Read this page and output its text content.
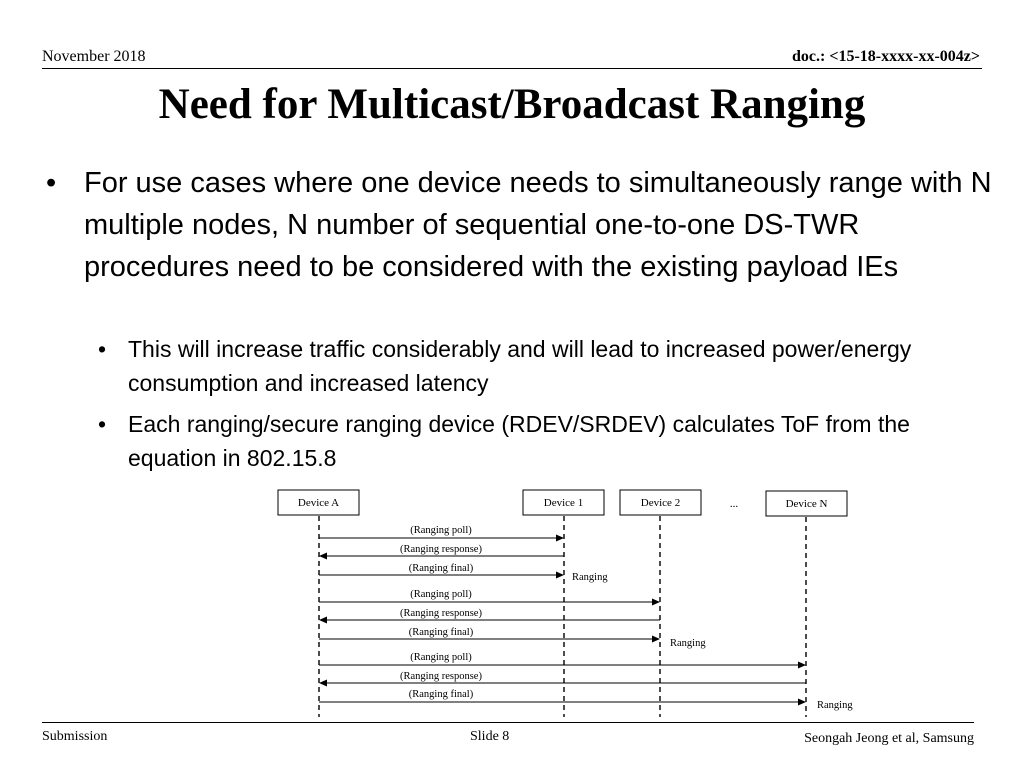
November 2018	doc.: <15-18-xxxx-xx-004z>
Need for Multicast/Broadcast Ranging
• For use cases where one device needs to simultaneously range with N multiple nodes, N number of sequential one-to-one DS-TWR procedures need to be considered with the existing payload IEs
• This will increase traffic considerably and will lead to increased power/energy consumption and increased latency
• Each ranging/secure ranging device (RDEV/SRDEV) calculates ToF from the equation in 802.15.8
Device A	Device 1	Device 2	...	Device N
(Ranging poll)
(Ranging response)
(Ranging final)
(Ranging poll)
(Ranging response)
(Ranging final)
(Ranging poll)
(Ranging response)
(Ranging final)
Ranging
Ranging
Ranging
Submission	Slide 8	Seongah Jeong et al, Samsung
